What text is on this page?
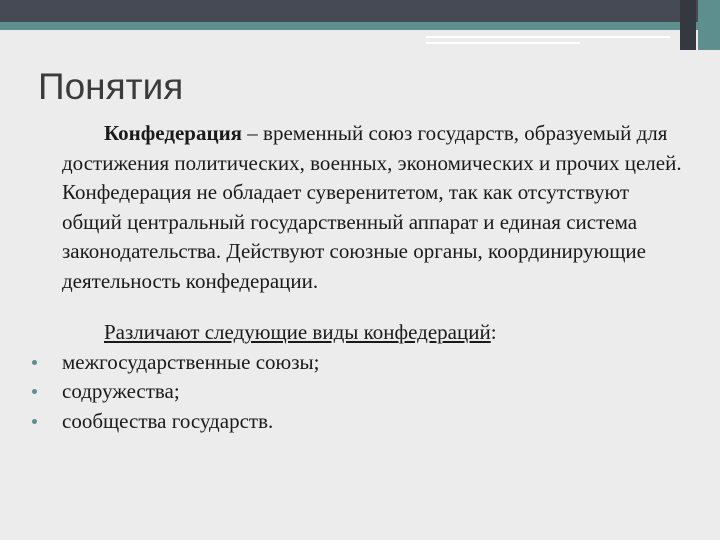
Понятия

Конфедерация – временный союз государств, образуемый для достижения политических, военных, экономических и прочих целей. Конфедерация не обладает суверенитетом, так как отсутствуют общий центральный государственный аппарат и единая система законодательства. Действуют союзные органы, координирующие деятельность конфедерации.

Различают следующие виды конфедераций:

межгосударственные союзы;
содружества;
сообщества государств.
